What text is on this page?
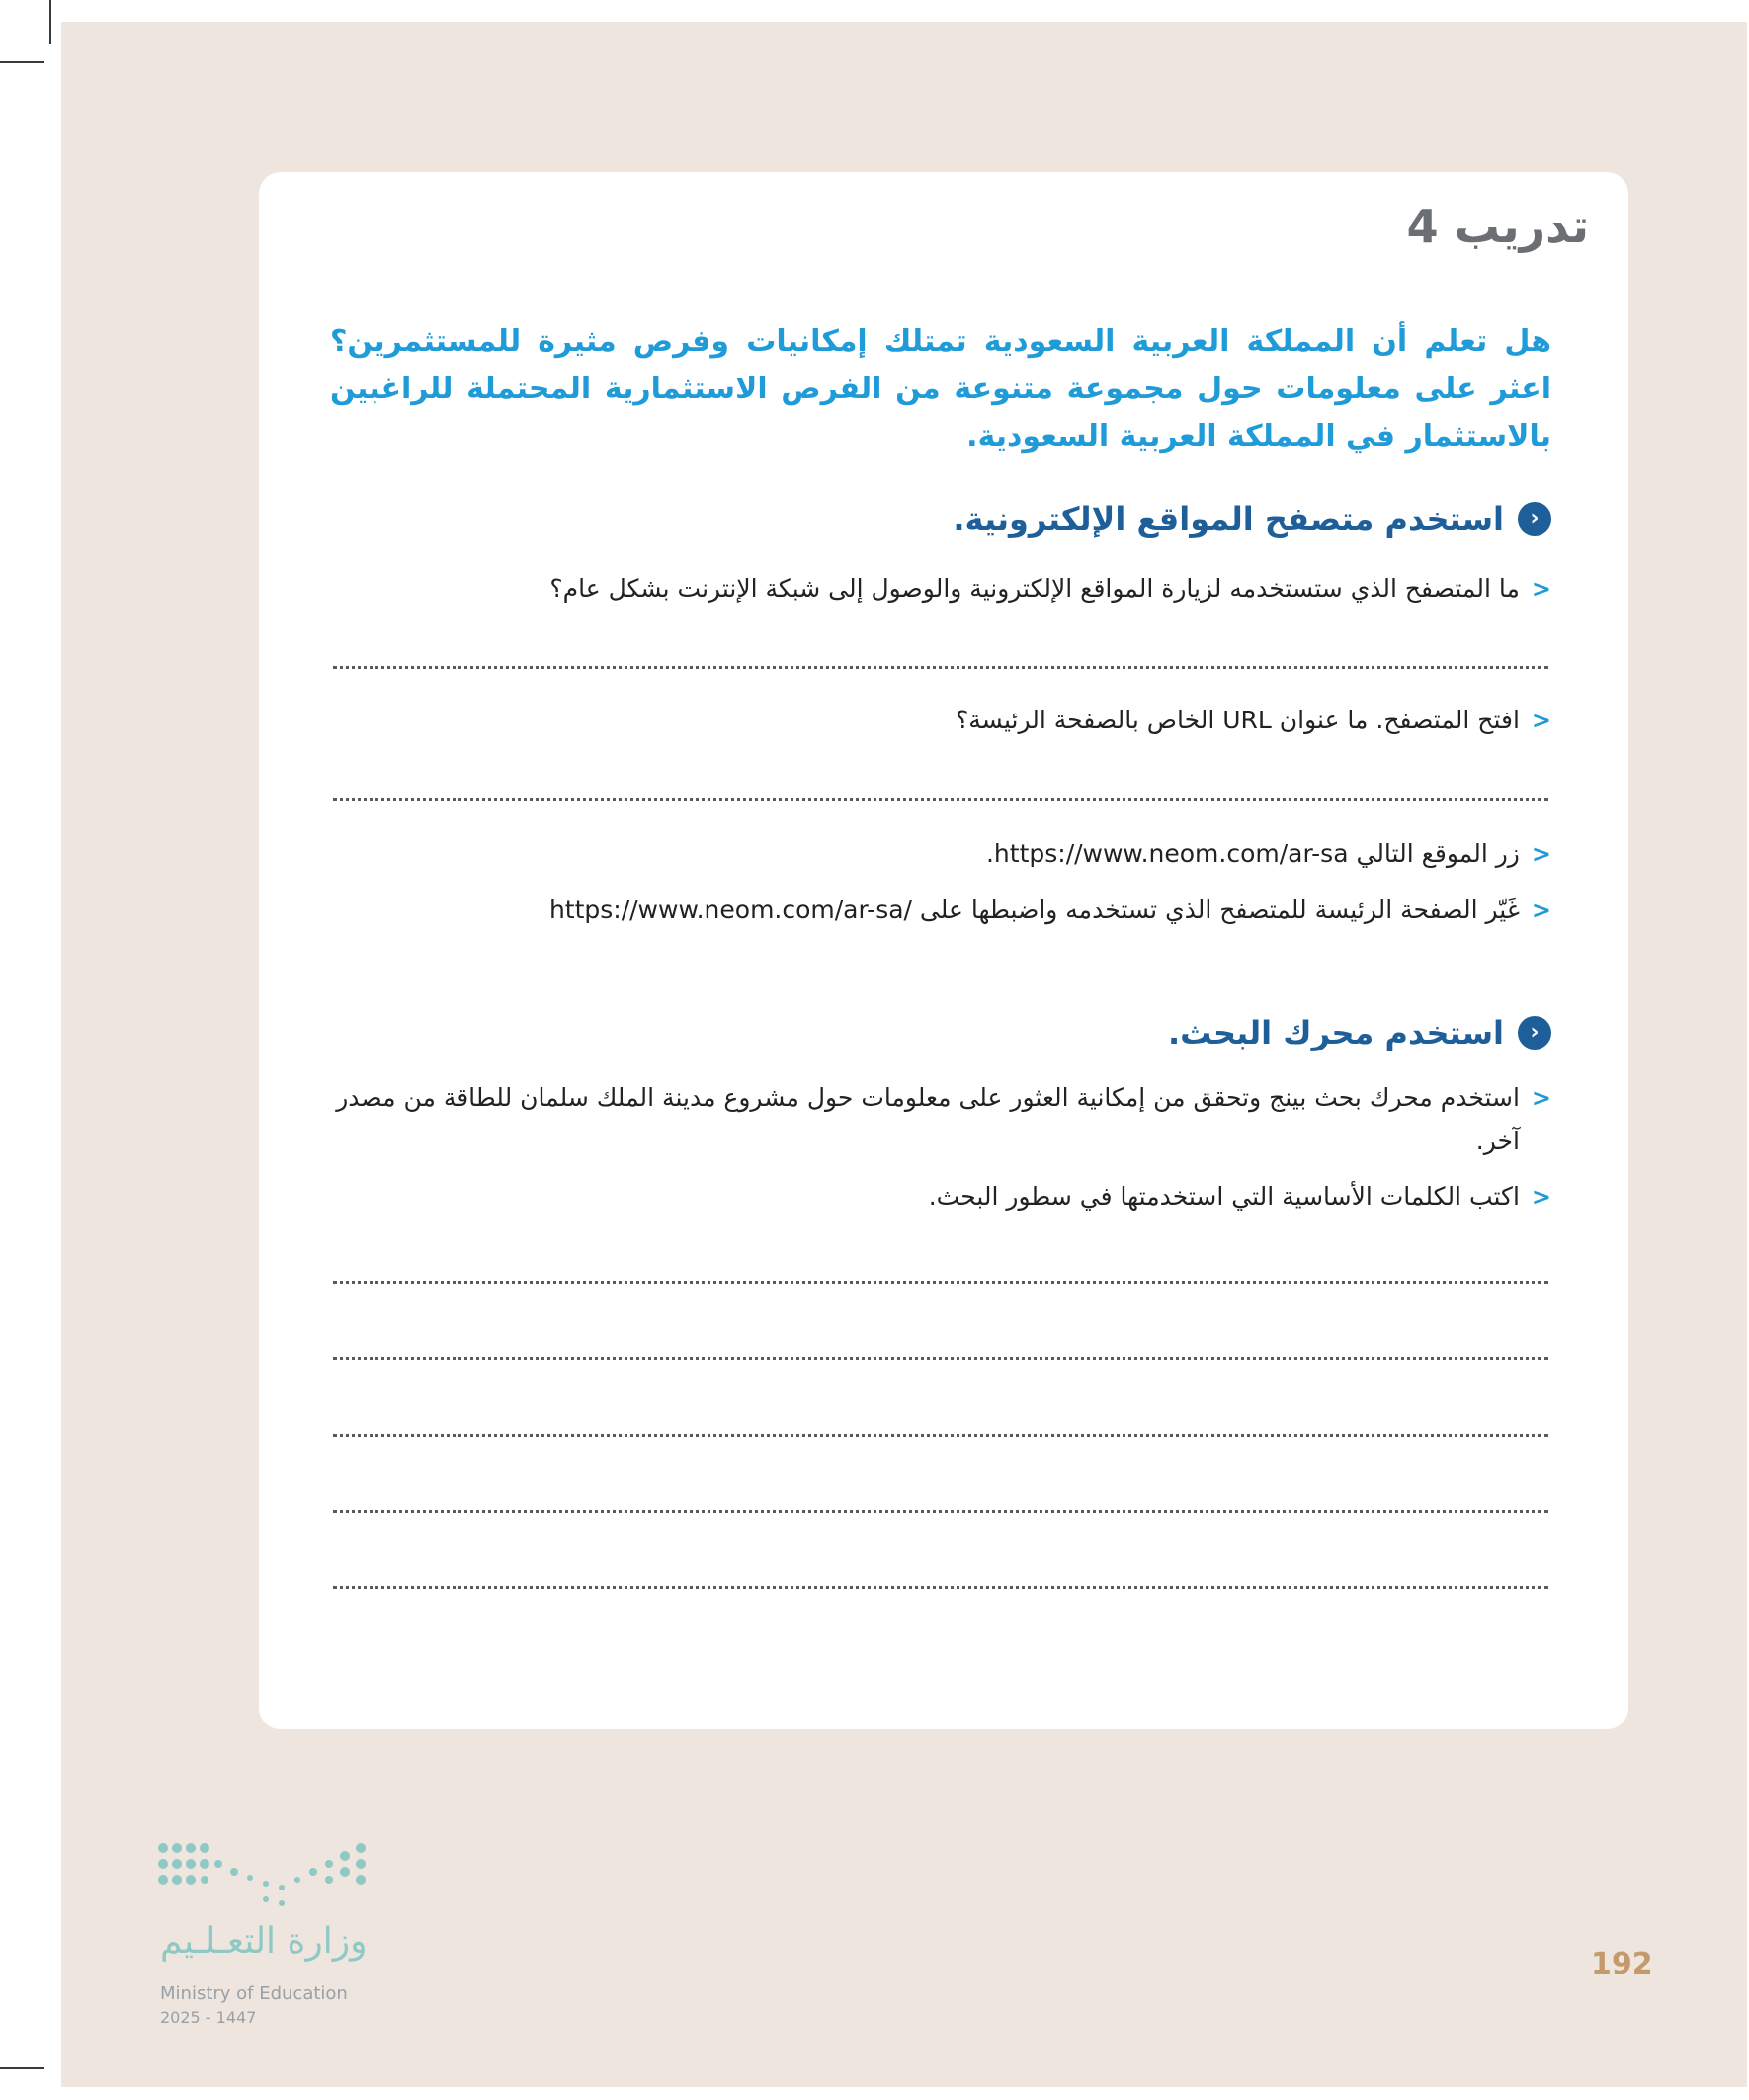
تدريب 4

هل تعلم أن المملكة العربية السعودية تمتلك إمكانيات وفرص مثيرة للمستثمرين؟ اعثر على معلومات حول مجموعة متنوعة من الفرص الاستثمارية المحتملة للراغبين بالاستثمار في المملكة العربية السعودية.

‹
استخدم متصفح المواقع الإلكترونية.
<
ما المتصفح الذي ستستخدمه لزيارة المواقع الإلكترونية والوصول إلى شبكة الإنترنت بشكل عام؟
<
افتح المتصفح. ما عنوان URL الخاص بالصفحة الرئيسة؟
<
زر الموقع التالي https://www.neom.com/ar-sa.
<
غَيّر الصفحة الرئيسة للمتصفح الذي تستخدمه واضبطها على /https://www.neom.com/ar-sa
‹
استخدم محرك البحث.
<
استخدم محرك بحث بينج وتحقق من إمكانية العثور على معلومات حول مشروع مدينة الملك سلمان للطاقة من مصدر آخر.
<
اكتب الكلمات الأساسية التي استخدمتها في سطور البحث.
وزارة التعـلـيم
Ministry of Education
2025 - 1447
192
